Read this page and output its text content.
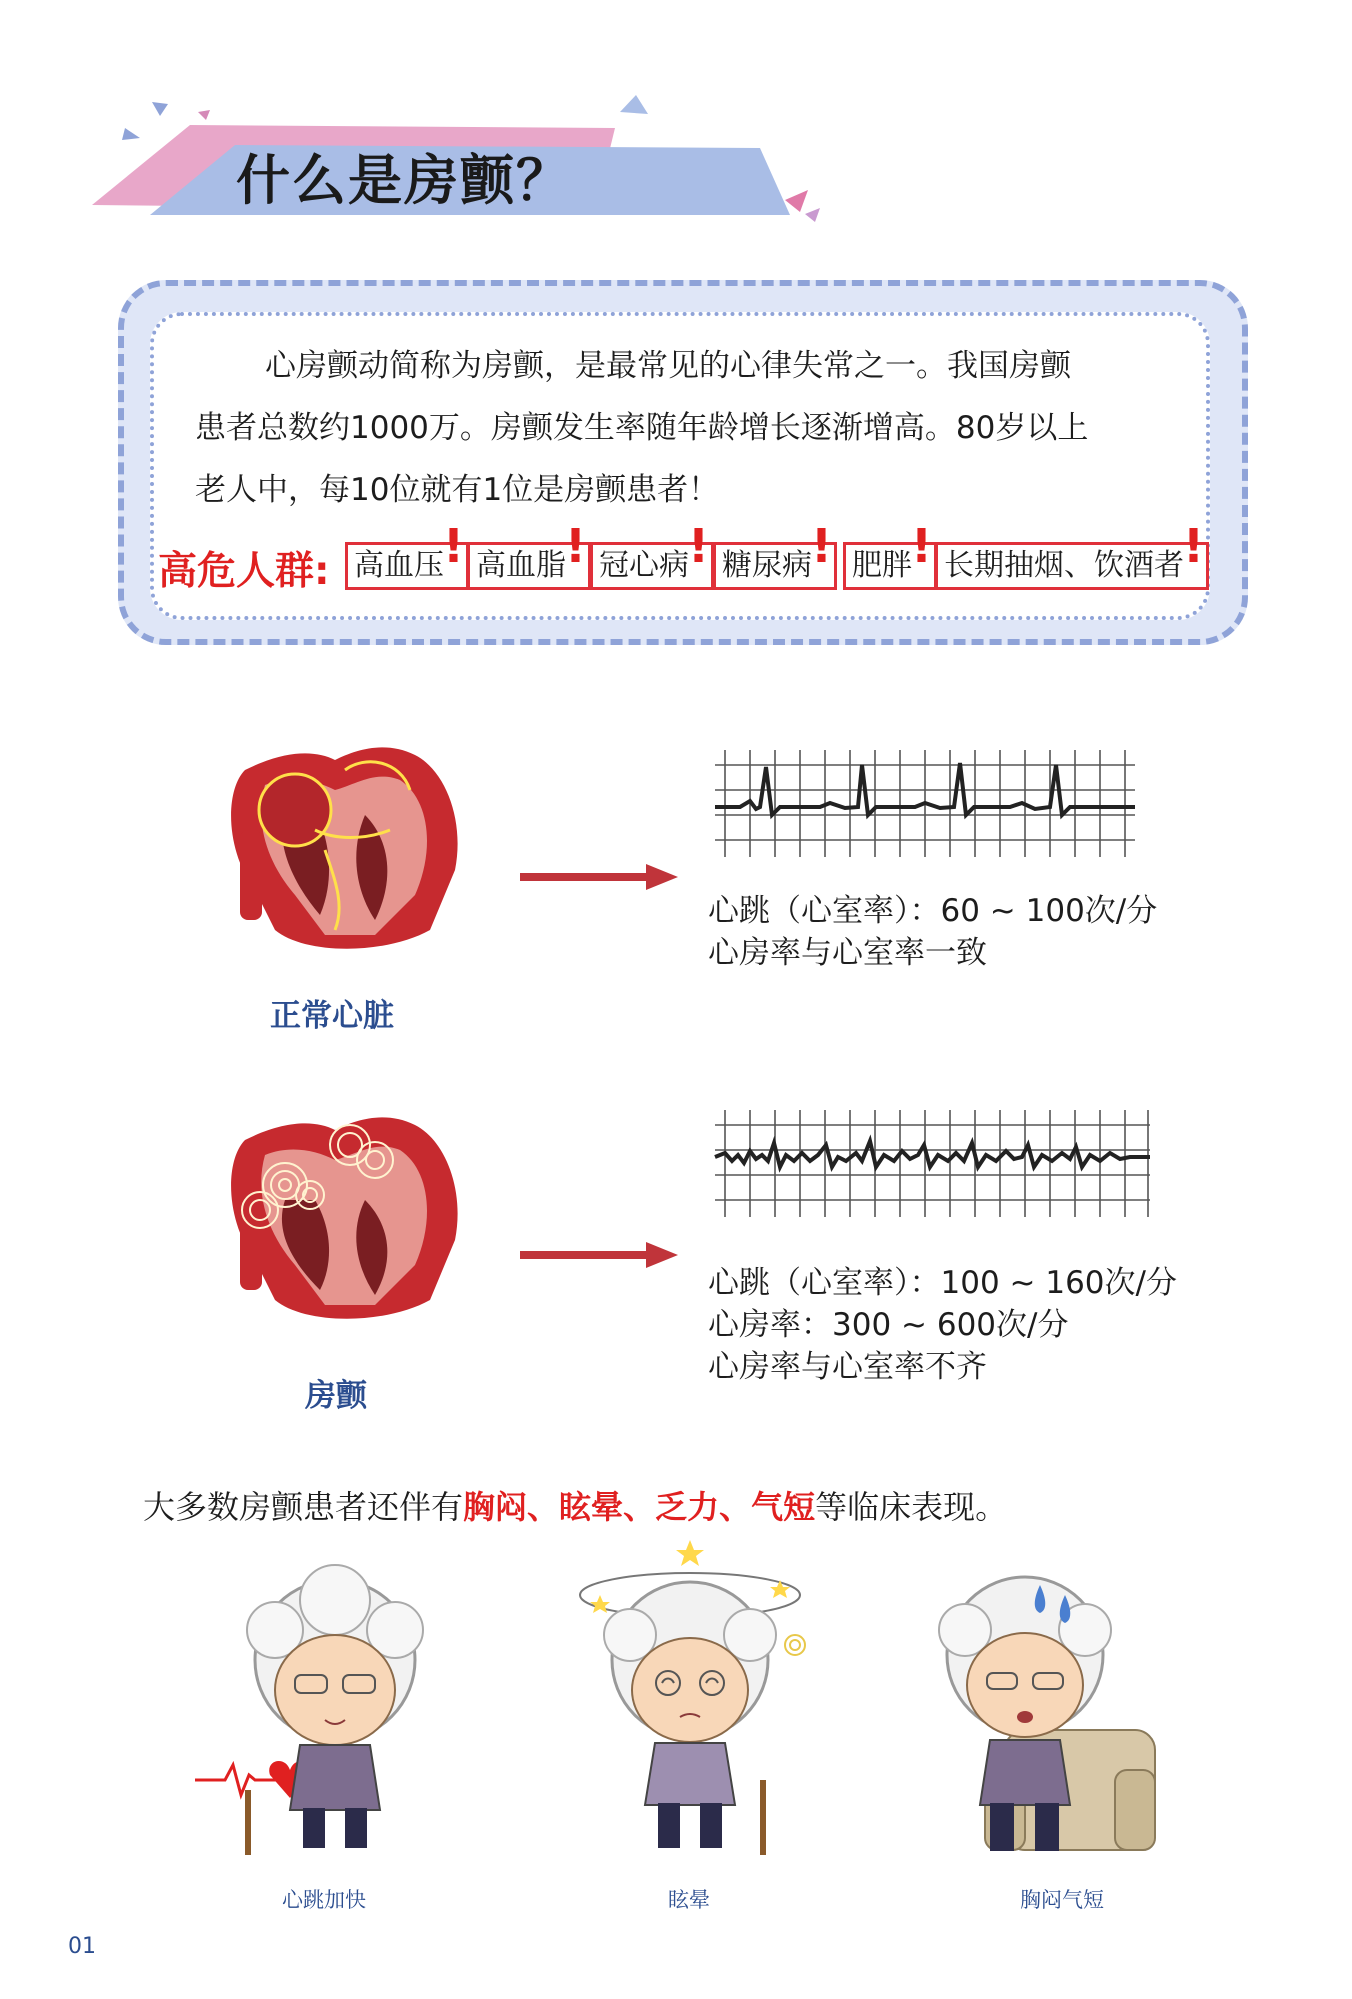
什么是房颤？
心房颤动简称为房颤，是最常见的心律失常之一。我国房颤
患者总数约1000万。房颤发生率随年龄增长逐渐增高。80岁以上
老人中，每10位就有1位是房颤患者！
高危人群: 高血压 ! 高血脂 ! 冠心病 ! 糖尿病 ! 肥胖 ! 长期抽烟、饮酒者 !
正常心脏
心跳（心室率）：60 ~ 100次/分
心房率与心室率一致
房颤
心跳（心室率）：100 ~ 160次/分
心房率：300 ~ 600次/分
心房率与心室率不齐
大多数房颤患者还伴有胸闷、眩晕、乏力、气短等临床表现。
心跳加快	眩晕	胸闷气短
01
